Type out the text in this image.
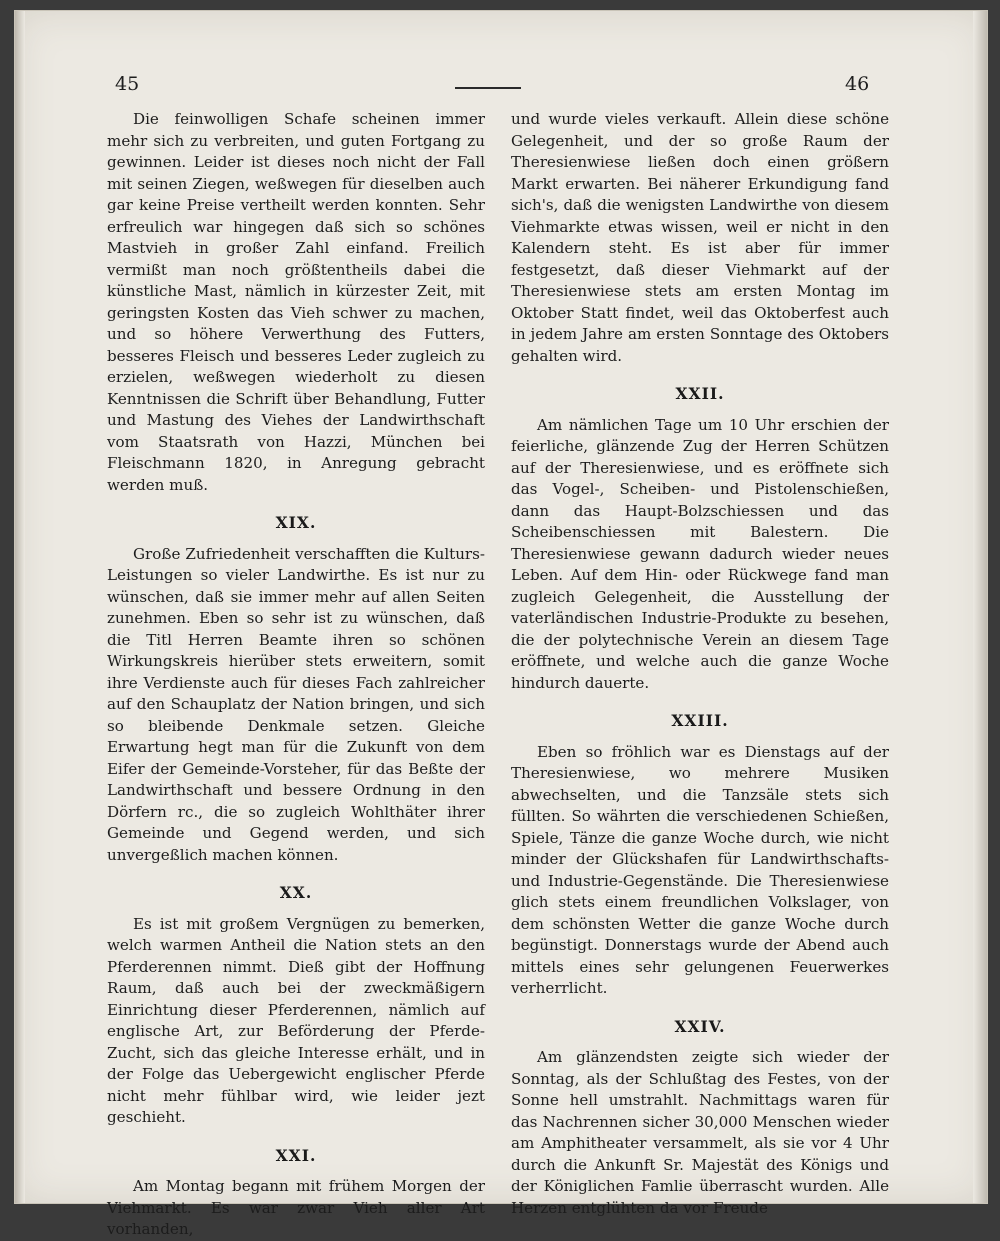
45	46

Die feinwolligen Schafe scheinen immer mehr sich zu verbreiten, und guten Fortgang zu gewinnen. Leider ist dieses noch nicht der Fall mit seinen Ziegen, weßwegen für dieselben auch gar keine Preise vertheilt werden konnten. Sehr erfreulich war hingegen daß sich so schönes Mastvieh in großer Zahl einfand. Freilich vermißt man noch größtentheils dabei die künstliche Mast, nämlich in kürzester Zeit, mit geringsten Kosten das Vieh schwer zu machen, und so höhere Verwerthung des Futters, besseres Fleisch und besseres Leder zugleich zu erzielen, weßwegen wiederholt zu diesen Kenntnissen die Schrift über Behandlung, Futter und Mastung des Viehes der Landwirthschaft vom Staatsrath von Hazzi, München bei Fleischmann 1820, in Anregung gebracht werden muß.

XIX.

Große Zufriedenheit verschafften die Kulturs-Leistungen so vieler Landwirthe. Es ist nur zu wünschen, daß sie immer mehr auf allen Seiten zunehmen. Eben so sehr ist zu wünschen, daß die Titl Herren Beamte ihren so schönen Wirkungskreis hierüber stets erweitern, somit ihre Verdienste auch für dieses Fach zahlreicher auf den Schauplatz der Nation bringen, und sich so bleibende Denkmale setzen. Gleiche Erwartung hegt man für die Zukunft von dem Eifer der Gemeinde-Vorsteher, für das Beßte der Landwirthschaft und bessere Ordnung in den Dörfern rc., die so zugleich Wohlthäter ihrer Gemeinde und Gegend werden, und sich unvergeßlich machen können.

XX.

Es ist mit großem Vergnügen zu bemerken, welch warmen Antheil die Nation stets an den Pferderennen nimmt. Dieß gibt der Hoffnung Raum, daß auch bei der zweckmäßigern Einrichtung dieser Pferderennen, nämlich auf englische Art, zur Beförderung der Pferde-Zucht, sich das gleiche Interesse erhält, und in der Folge das Uebergewicht englischer Pferde nicht mehr fühlbar wird, wie leider jezt geschieht.

XXI.

Am Montag begann mit frühem Morgen der Viehmarkt. Es war zwar Vieh aller Art vorhanden,

und wurde vieles verkauft. Allein diese schöne Gelegenheit, und der so große Raum der Theresienwiese ließen doch einen größern Markt erwarten. Bei näherer Erkundigung fand sich's, daß die wenigsten Landwirthe von diesem Viehmarkte etwas wissen, weil er nicht in den Kalendern steht. Es ist aber für immer festgesetzt, daß dieser Viehmarkt auf der Theresienwiese stets am ersten Montag im Oktober Statt findet, weil das Oktoberfest auch in jedem Jahre am ersten Sonntage des Oktobers gehalten wird.

XXII.

Am nämlichen Tage um 10 Uhr erschien der feierliche, glänzende Zug der Herren Schützen auf der Theresienwiese, und es eröffnete sich das Vogel-, Scheiben- und Pistolenschießen, dann das Haupt-Bolzschiessen und das Scheibenschiessen mit Balestern. Die Theresienwiese gewann dadurch wieder neues Leben. Auf dem Hin- oder Rückwege fand man zugleich Gelegenheit, die Ausstellung der vaterländischen Industrie-Produkte zu besehen, die der polytechnische Verein an diesem Tage eröffnete, und welche auch die ganze Woche hindurch dauerte.

XXIII.

Eben so fröhlich war es Dienstags auf der Theresienwiese, wo mehrere Musiken abwechselten, und die Tanzsäle stets sich füllten. So währten die verschiedenen Schießen, Spiele, Tänze die ganze Woche durch, wie nicht minder der Glückshafen für Landwirthschafts- und Industrie-Gegenstände. Die Theresienwiese glich stets einem freundlichen Volkslager, von dem schönsten Wetter die ganze Woche durch begünstigt. Donnerstags wurde der Abend auch mittels eines sehr gelungenen Feuerwerkes verherrlicht.

XXIV.

Am glänzendsten zeigte sich wieder der Sonntag, als der Schlußtag des Festes, von der Sonne hell umstrahlt. Nachmittags waren für das Nachrennen sicher 30,000 Menschen wieder am Amphitheater versammelt, als sie vor 4 Uhr durch die Ankunft Sr. Majestät des Königs und der Königlichen Famlie überrascht wurden. Alle Herzen entglühten da vor Freude
